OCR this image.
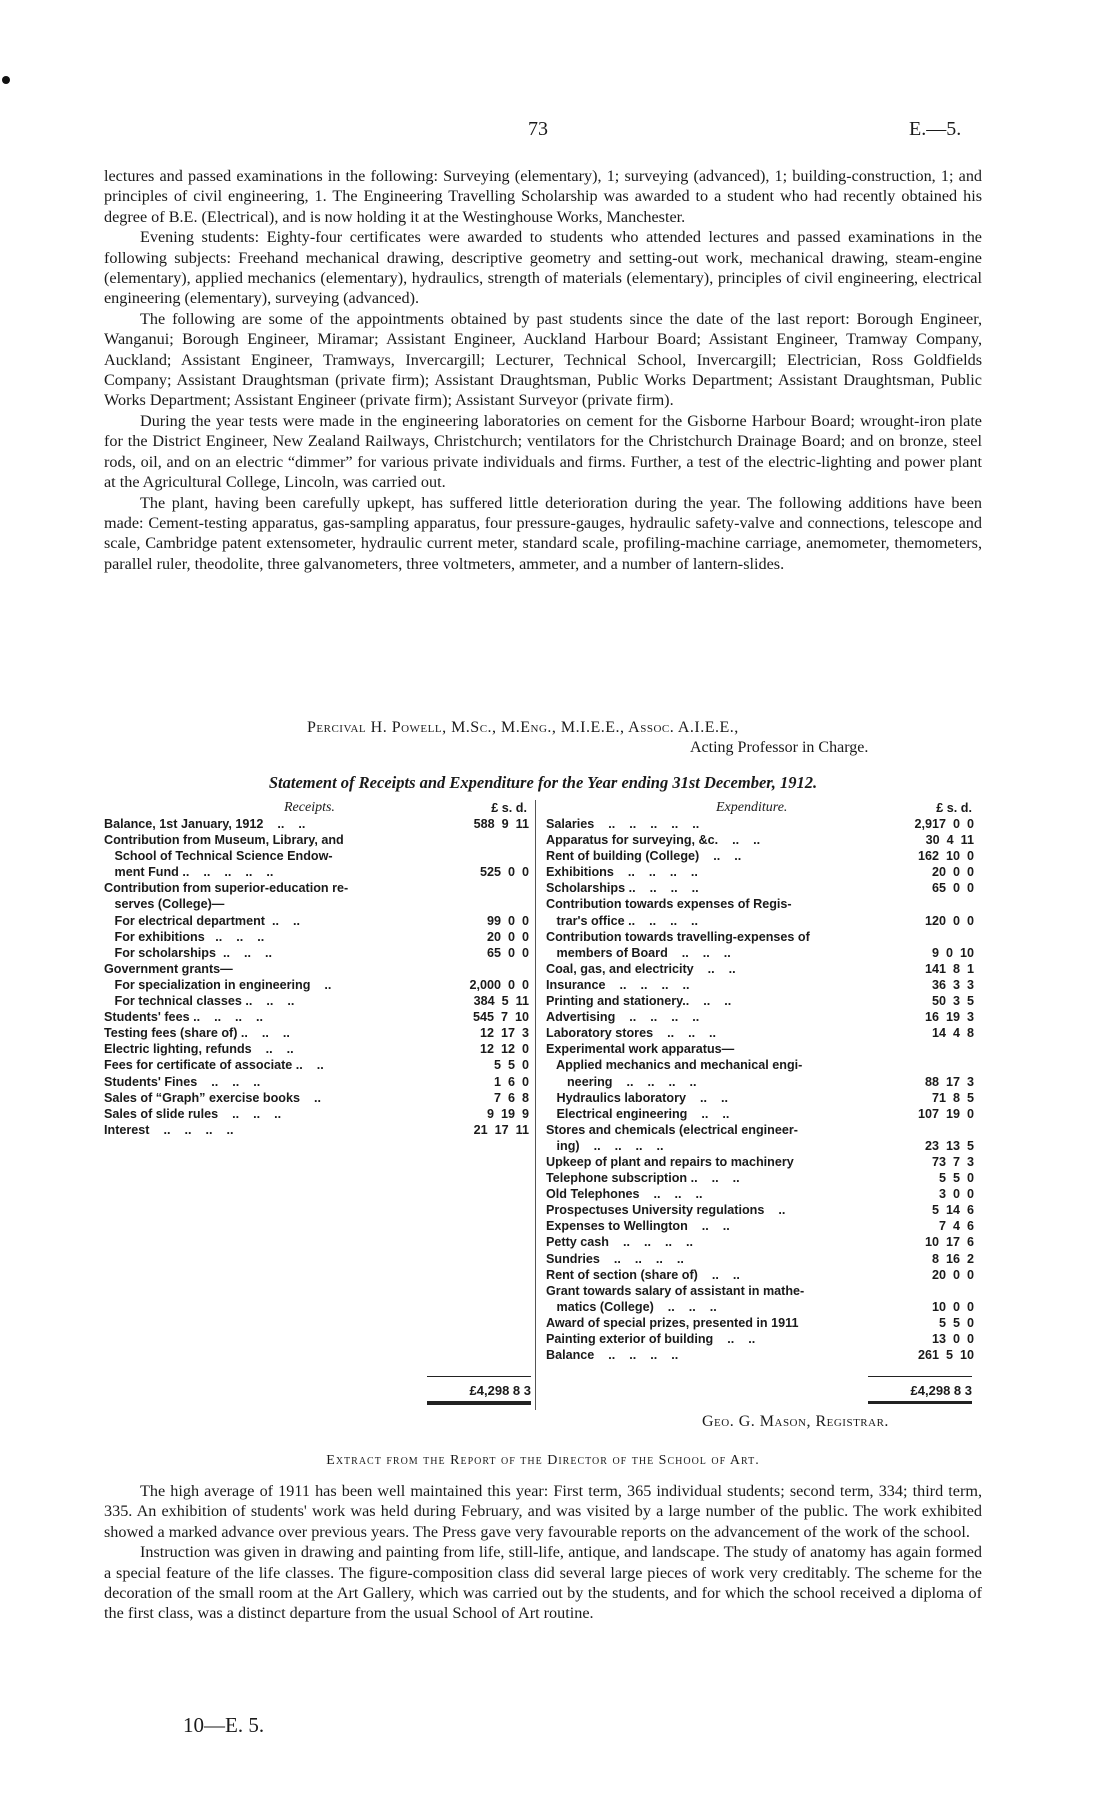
73	E.—5.

lectures and passed examinations in the following: Surveying (elementary), 1; surveying (advanced), 1; building-construction, 1; and principles of civil engineering, 1. The Engineering Travelling Scholarship was awarded to a student who had recently obtained his degree of B.E. (Electrical), and is now holding it at the Westinghouse Works, Manchester.

Evening students: Eighty-four certificates were awarded to students who attended lectures and passed examinations in the following subjects: Freehand mechanical drawing, descriptive geometry and setting-out work, mechanical drawing, steam-engine (elementary), applied mechanics (elementary), hydraulics, strength of materials (elementary), principles of civil engineering, electrical engineering (elementary), surveying (advanced).

The following are some of the appointments obtained by past students since the date of the last report: Borough Engineer, Wanganui; Borough Engineer, Miramar; Assistant Engineer, Auckland Harbour Board; Assistant Engineer, Tramway Company, Auckland; Assistant Engineer, Tramways, Invercargill; Lecturer, Technical School, Invercargill; Electrician, Ross Goldfields Company; Assistant Draughtsman (private firm); Assistant Draughtsman, Public Works Department; Assistant Draughtsman, Public Works Department; Assistant Engineer (private firm); Assistant Surveyor (private firm).

During the year tests were made in the engineering laboratories on cement for the Gisborne Harbour Board; wrought-iron plate for the District Engineer, New Zealand Railways, Christchurch; ventilators for the Christchurch Drainage Board; and on bronze, steel rods, oil, and on an electric “dimmer” for various private individuals and firms. Further, a test of the electric-lighting and power plant at the Agricultural College, Lincoln, was carried out.

The plant, having been carefully upkept, has suffered little deterioration during the year. The following additions have been made: Cement-testing apparatus, gas-sampling apparatus, four pressure-gauges, hydraulic safety-valve and connections, telescope and scale, Cambridge patent extensometer, hydraulic current meter, standard scale, profiling-machine carriage, anemometer, themometers, parallel ruler, theodolite, three galvanometers, three voltmeters, ammeter, and a number of lantern-slides.

Percival H. Powell, M.Sc., M.Eng., M.I.E.E., Assoc. A.I.E.E.,
Acting Professor in Charge.
Statement of Receipts and Expenditure for the Year ending 31st December, 1912.
Receipts.	£ s. d.
Balance, 1st January, 1912    ..    ..	588  9  11
Contribution from Museum, Library, and
School of Technical Science Endow-
ment Fund ..    ..    ..    ..    ..	525  0  0
Contribution from superior-education re-
serves (College)—
For electrical department  ..    ..	99  0  0
For exhibitions   ..    ..    ..	20  0  0
For scholarships  ..    ..    ..	65  0  0
Government grants—
For specialization in engineering    ..	2,000  0  0
For technical classes ..    ..    ..	384  5  11
Students' fees ..    ..    ..    ..	545  7  10
Testing fees (share of) ..    ..    ..	12  17  3
Electric lighting, refunds    ..    ..	12  12  0
Fees for certificate of associate ..    ..	5  5  0
Students' Fines    ..    ..    ..	1  6  0
Sales of “Graph” exercise books    ..	7  6  8
Sales of slide rules    ..    ..    ..	9  19  9
Interest    ..    ..    ..    ..	21  17  11
Expenditure.	£ s. d.
Salaries    ..    ..    ..    ..    ..	2,917  0  0
Apparatus for surveying, &c.    ..    ..	30  4  11
Rent of building (College)    ..    ..	162  10  0
Exhibitions    ..    ..    ..    ..	20  0  0
Scholarships ..    ..    ..    ..	65  0  0
Contribution towards expenses of Regis-
trar's office ..    ..    ..    ..	120  0  0
Contribution towards travelling-expenses of
members of Board    ..    ..    ..	9  0  10
Coal, gas, and electricity    ..    ..	141  8  1
Insurance    ..    ..    ..    ..	36  3  3
Printing and stationery..    ..    ..	50  3  5
Advertising    ..    ..    ..    ..	16  19  3
Laboratory stores    ..    ..    ..	14  4  8
Experimental work apparatus—
Applied mechanics and mechanical engi-
neering    ..    ..    ..    ..	88  17  3
Hydraulics laboratory    ..    ..	71  8  5
Electrical engineering    ..    ..	107  19  0
Stores and chemicals (electrical engineer-
ing)    ..    ..    ..    ..	23  13  5
Upkeep of plant and repairs to machinery	73  7  3
Telephone subscription ..    ..    ..	5  5  0
Old Telephones    ..    ..    ..	3  0  0
Prospectuses University regulations    ..	5  14  6
Expenses to Wellington    ..    ..	7  4  6
Petty cash    ..    ..    ..    ..	10  17  6
Sundries    ..    ..    ..    ..	8  16  2
Rent of section (share of)    ..    ..	20  0  0
Grant towards salary of assistant in mathe-
matics (College)    ..    ..    ..	10  0  0
Award of special prizes, presented in 1911	5  5  0
Painting exterior of building    ..    ..	13  0  0
Balance    ..    ..    ..    ..	261  5  10
£4,298 8 3	£4,298 8 3
Geo. G. Mason, Registrar.
Extract from the Report of the Director of the School of Art.

The high average of 1911 has been well maintained this year: First term, 365 individual students; second term, 334; third term, 335. An exhibition of students' work was held during February, and was visited by a large number of the public. The work exhibited showed a marked advance over previous years. The Press gave very favourable reports on the advancement of the work of the school.

Instruction was given in drawing and painting from life, still-life, antique, and landscape. The study of anatomy has again formed a special feature of the life classes. The figure-composition class did several large pieces of work very creditably. The scheme for the decoration of the small room at the Art Gallery, which was carried out by the students, and for which the school received a diploma of the first class, was a distinct departure from the usual School of Art routine.

10—E. 5.
